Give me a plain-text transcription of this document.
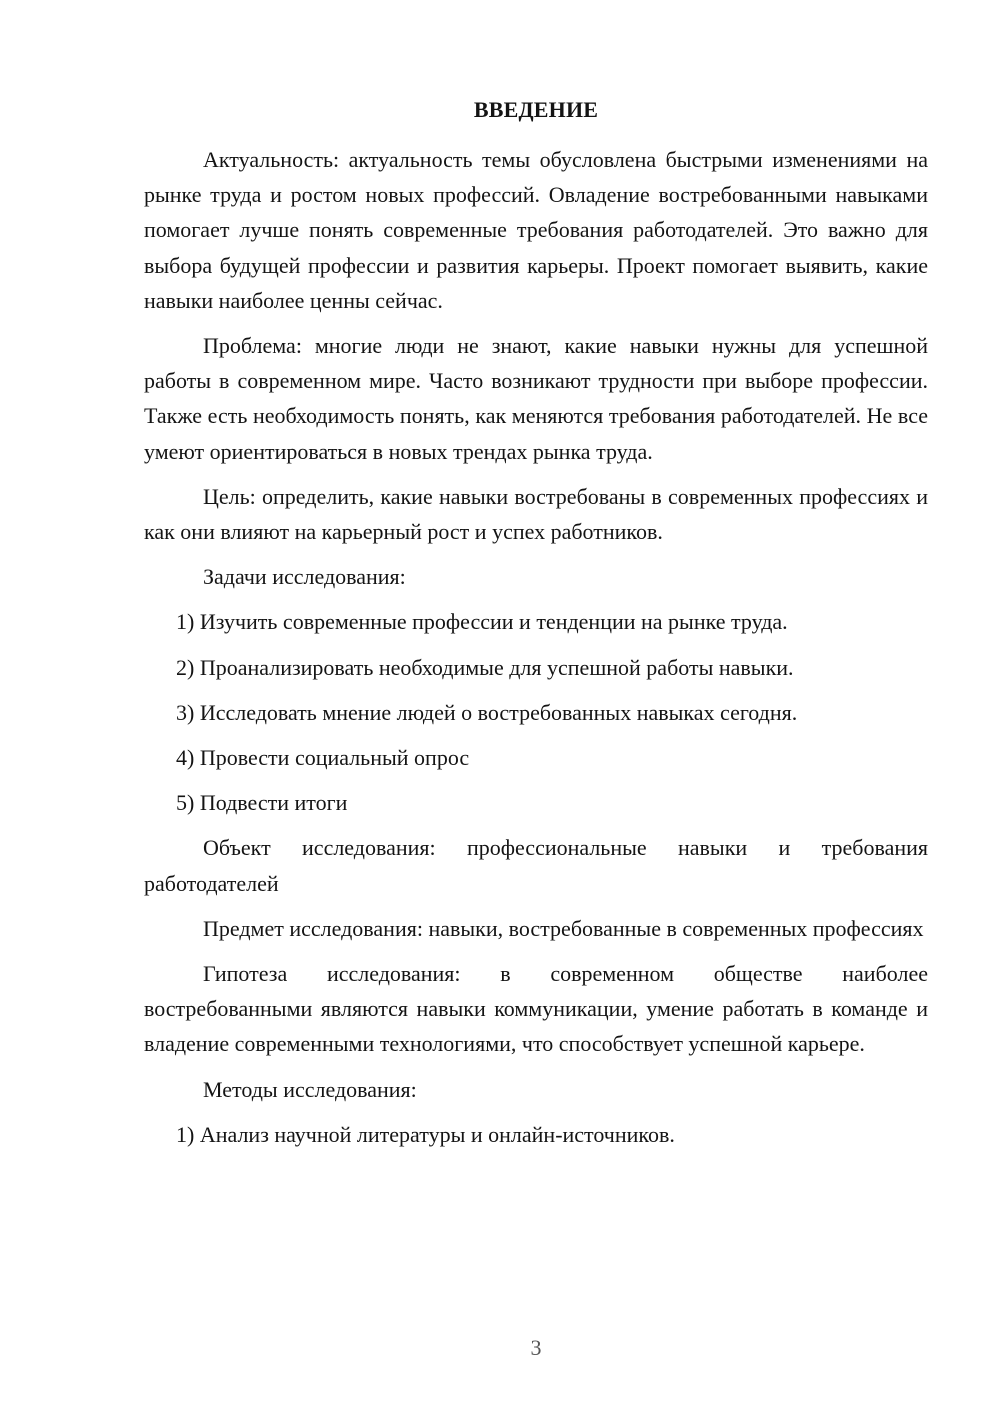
ВВЕДЕНИЕ

Актуальность: актуальность темы обусловлена быстрыми изменениями на рынке труда и ростом новых профессий. Овладение востребованными навыками помогает лучше понять современные требования работодателей. Это важно для выбора будущей профессии и развития карьеры. Проект помогает выявить, какие навыки наиболее ценны сейчас.

Проблема: многие люди не знают, какие навыки нужны для успешной работы в современном мире. Часто возникают трудности при выборе профессии. Также есть необходимость понять, как меняются требования работодателей. Не все умеют ориентироваться в новых трендах рынка труда.

Цель: определить, какие навыки востребованы в современных профессиях и как они влияют на карьерный рост и успех работников.

Задачи исследования:

1) Изучить современные профессии и тенденции на рынке труда.
2) Проанализировать необходимые для успешной работы навыки.
3) Исследовать мнение людей о востребованных навыках сегодня.
4) Провести социальный опрос
5) Подвести итоги

Объект исследования: профессиональные навыки и требования работодателей

Предмет исследования: навыки, востребованные в современных профессиях

Гипотеза исследования: в современном обществе наиболее востребованными являются навыки коммуникации, умение работать в команде и владение современными технологиями, что способствует успешной карьере.

Методы исследования:

1) Анализ научной литературы и онлайн-источников.
3
